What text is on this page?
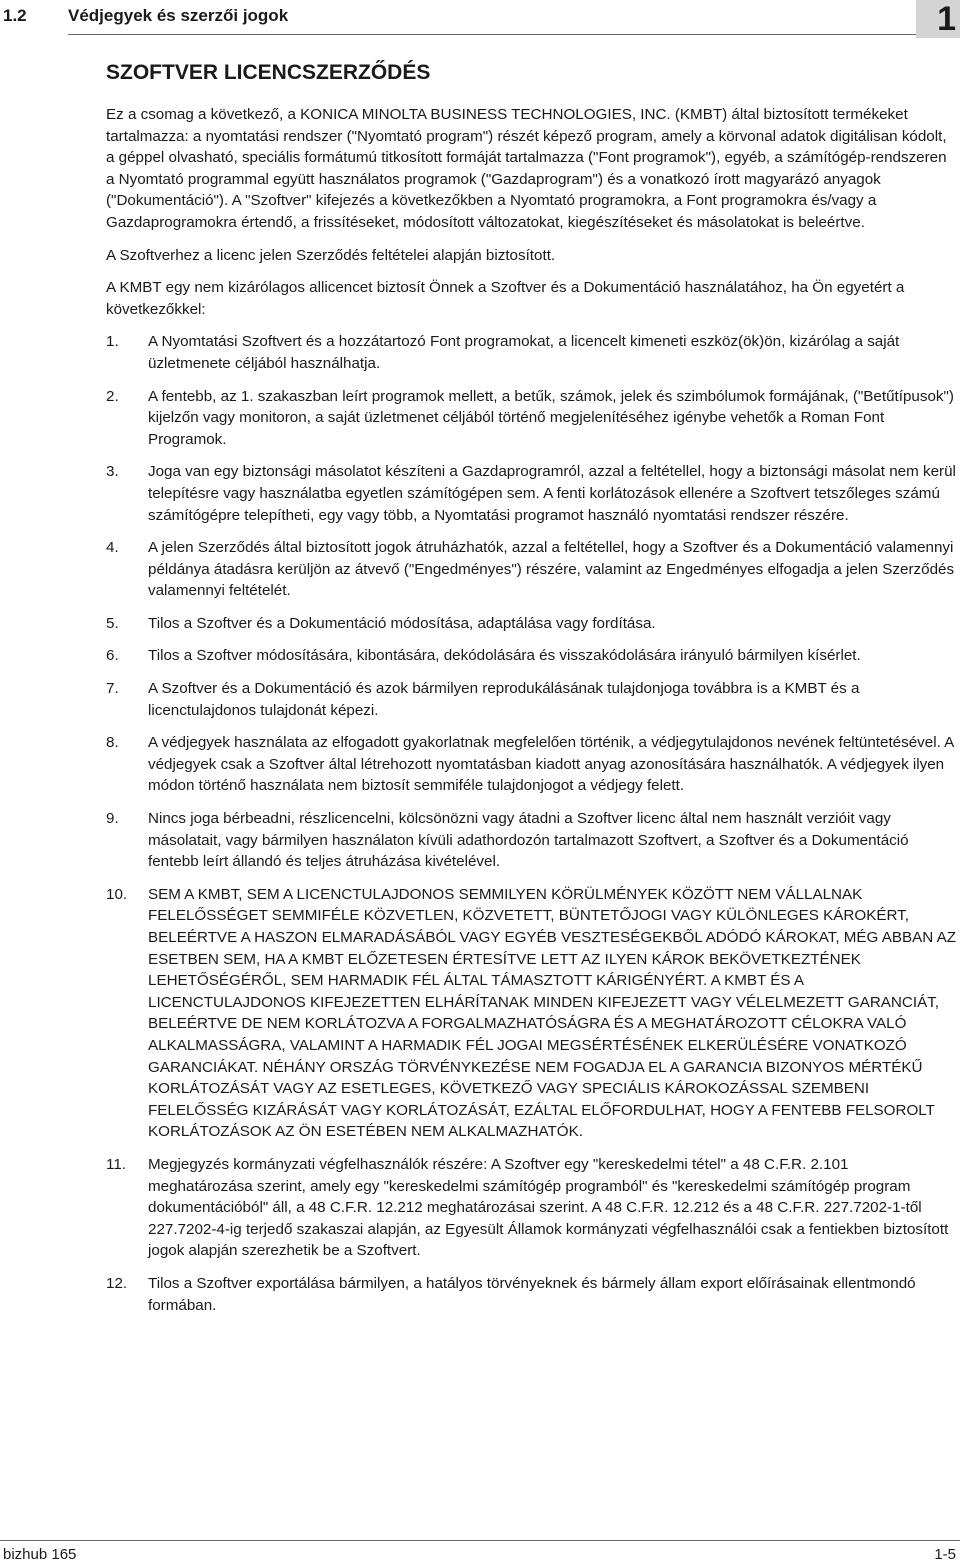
1.2 Védjegyek és szerzői jogok	1
SZOFTVER LICENCSZERZŐDÉS

Ez a csomag a következő, a KONICA MINOLTA BUSINESS TECHNOLOGIES, INC. (KMBT) által biztosított termékeket tartalmazza: a nyomtatási rendszer ("Nyomtató program") részét képező program, amely a körvonal adatok digitálisan kódolt, a géppel olvasható, speciális formátumú titkosított formáját tartalmazza ("Font programok"), egyéb, a számítógép-rendszeren a Nyomtató programmal együtt használatos programok ("Gazdaprogram") és a vonatkozó írott magyarázó anyagok ("Dokumentáció"). A "Szoftver" kifejezés a következőkben a Nyomtató programokra, a Font programokra és/vagy a Gazdaprogramokra értendő, a frissítéseket, módosított változatokat, kiegészítéseket és másolatokat is beleértve.

A Szoftverhez a licenc jelen Szerződés feltételei alapján biztosított.

A KMBT egy nem kizárólagos allicencet biztosít Önnek a Szoftver és a Dokumentáció használatához, ha Ön egyetért a következőkkel:

1. A Nyomtatási Szoftvert és a hozzátartozó Font programokat, a licencelt kimeneti eszköz(ök)ön, kizárólag a saját üzletmenete céljából használhatja.
2. A fentebb, az 1. szakaszban leírt programok mellett, a betűk, számok, jelek és szimbólumok formájának, ("Betűtípusok") kijelzőn vagy monitoron, a saját üzletmenet céljából történő megjelenítéséhez igénybe vehetők a Roman Font Programok.
3. Joga van egy biztonsági másolatot készíteni a Gazdaprogramról, azzal a feltétellel, hogy a biztonsági másolat nem kerül telepítésre vagy használatba egyetlen számítógépen sem. A fenti korlátozások ellenére a Szoftvert tetszőleges számú számítógépre telepítheti, egy vagy több, a Nyomtatási programot használó nyomtatási rendszer részére.
4. A jelen Szerződés által biztosított jogok átruházhatók, azzal a feltétellel, hogy a Szoftver és a Dokumentáció valamennyi példánya átadásra kerüljön az átvevő ("Engedményes") részére, valamint az Engedményes elfogadja a jelen Szerződés valamennyi feltételét.
5. Tilos a Szoftver és a Dokumentáció módosítása, adaptálása vagy fordítása.
6. Tilos a Szoftver módosítására, kibontására, dekódolására és visszakódolására irányuló bármilyen kísérlet.
7. A Szoftver és a Dokumentáció és azok bármilyen reprodukálásának tulajdonjoga továbbra is a KMBT és a licenctulajdonos tulajdonát képezi.
8. A védjegyek használata az elfogadott gyakorlatnak megfelelően történik, a védjegytulajdonos nevének feltüntetésével. A védjegyek csak a Szoftver által létrehozott nyomtatásban kiadott anyag azonosítására használhatók. A védjegyek ilyen módon történő használata nem biztosít semmiféle tulajdonjogot a védjegy felett.
9. Nincs joga bérbeadni, részlicencelni, kölcsönözni vagy átadni a Szoftver licenc által nem használt verzióit vagy másolatait, vagy bármilyen használaton kívüli adathordozón tartalmazott Szoftvert, a Szoftver és a Dokumentáció fentebb leírt állandó és teljes átruházása kivételével.
10. SEM A KMBT, SEM A LICENCTULAJDONOS SEMMILYEN KÖRÜLMÉNYEK KÖZÖTT NEM VÁLLALNAK FELELŐSSÉGET SEMMIFÉLE KÖZVETLEN, KÖZVETETT, BÜNTETŐJOGI VAGY KÜLÖNLEGES KÁROKÉRT, BELEÉRTVE A HASZON ELMARADÁSÁBÓL VAGY EGYÉB VESZTESÉGEKBŐL ADÓDÓ KÁROKAT, MÉG ABBAN AZ ESETBEN SEM, HA A KMBT ELŐZETESEN ÉRTESÍTVE LETT AZ ILYEN KÁROK BEKÖVETKEZTÉNEK LEHETŐSÉGÉRŐL, SEM HARMADIK FÉL ÁLTAL TÁMASZTOTT KÁRIGÉNYÉRT. A KMBT ÉS A LICENCTULAJDONOS KIFEJEZETTEN ELHÁRÍTANAK MINDEN KIFEJEZETT VAGY VÉLELMEZETT GARANCIÁT, BELEÉRTVE DE NEM KORLÁTOZVA A FORGALMAZHATÓSÁGRA ÉS A MEGHATÁROZOTT CÉLOKRA VALÓ ALKALMASSÁGRA, VALAMINT A HARMADIK FÉL JOGAI MEGSÉRTÉSÉNEK ELKERÜLÉSÉRE VONATKOZÓ GARANCIÁKAT. NÉHÁNY ORSZÁG TÖRVÉNYKEZÉSE NEM FOGADJA EL A GARANCIA BIZONYOS MÉRTÉKŰ KORLÁTOZÁSÁT VAGY AZ ESETLEGES, KÖVETKEZŐ VAGY SPECIÁLIS KÁROKOZÁSSAL SZEMBENI FELELŐSSÉG KIZÁRÁSÁT VAGY KORLÁTOZÁSÁT, EZÁLTAL ELŐFORDULHAT, HOGY A FENTEBB FELSOROLT KORLÁTOZÁSOK AZ ÖN ESETÉBEN NEM ALKALMAZHATÓK.
11. Megjegyzés kormányzati végfelhasználók részére: A Szoftver egy "kereskedelmi tétel" a 48 C.F.R. 2.101 meghatározása szerint, amely egy "kereskedelmi számítógép programból" és "kereskedelmi számítógép program dokumentációból" áll, a 48 C.F.R. 12.212 meghatározásai szerint. A 48 C.F.R. 12.212 és a 48 C.F.R. 227.7202-1-től 227.7202-4-ig terjedő szakaszai alapján, az Egyesült Államok kormányzati végfelhasználói csak a fentiekben biztosított jogok alapján szerezhetik be a Szoftvert.
12. Tilos a Szoftver exportálása bármilyen, a hatályos törvényeknek és bármely állam export előírásainak ellentmondó formában.
bizhub 165	1-5
